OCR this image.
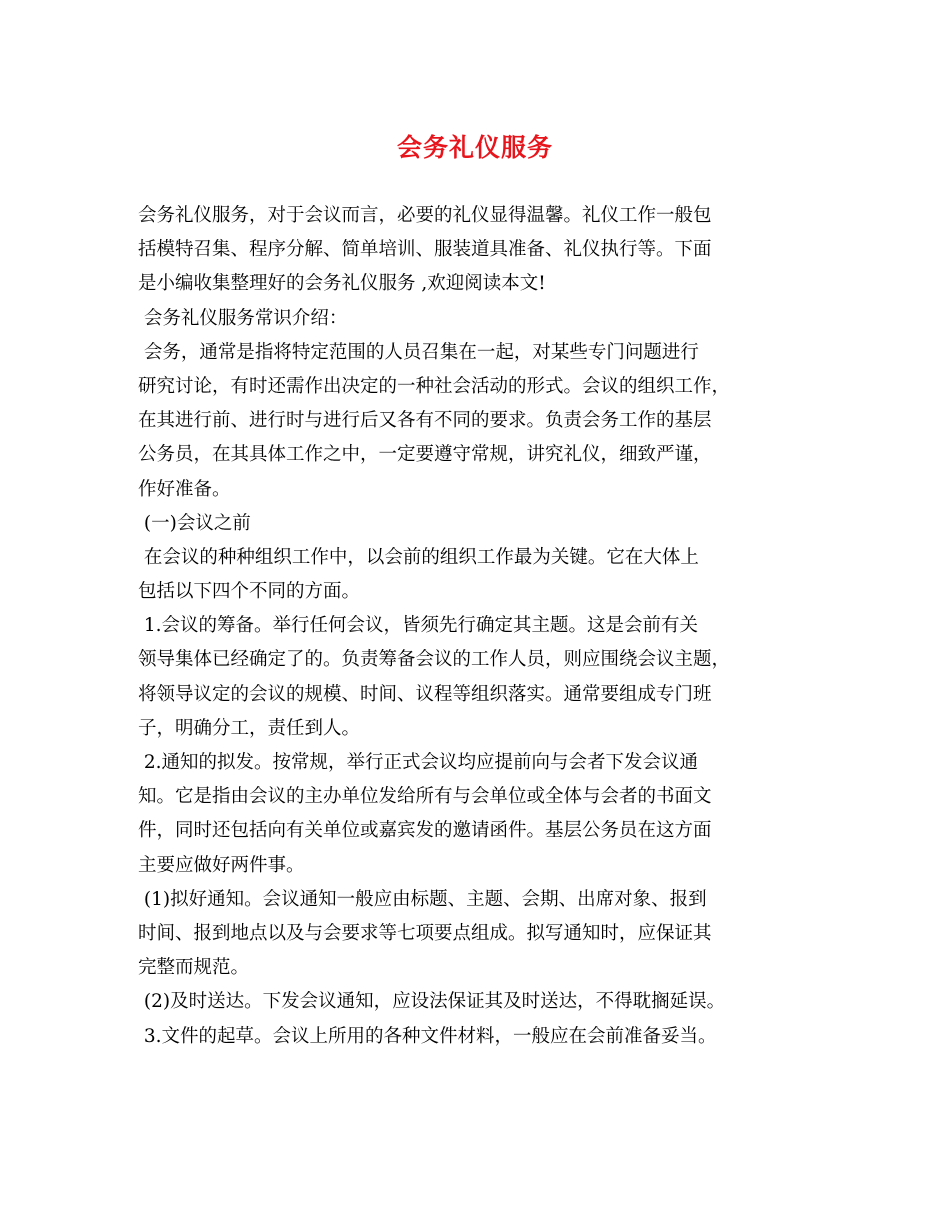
会务礼仪服务
会务礼仪服务，对于会议而言，必要的礼仪显得温馨。礼仪工作一般包
括模特召集、程序分解、简单培训、服装道具准备、礼仪执行等。下面
是小编收集整理好的会务礼仪服务 ,欢迎阅读本文!
会务礼仪服务常识介绍：
会务，通常是指将特定范围的人员召集在一起，对某些专门问题进行
研究讨论，有时还需作出决定的一种社会活动的形式。会议的组织工作，
在其进行前、进行时与进行后又各有不同的要求。负责会务工作的基层
公务员，在其具体工作之中，一定要遵守常规，讲究礼仪，细致严谨，
作好准备。
(一)会议之前
在会议的种种组织工作中，以会前的组织工作最为关键。它在大体上
包括以下四个不同的方面。
1.会议的筹备。举行任何会议，皆须先行确定其主题。这是会前有关
领导集体已经确定了的。负责筹备会议的工作人员，则应围绕会议主题，
将领导议定的会议的规模、时间、议程等组织落实。通常要组成专门班
子，明确分工，责任到人。
2.通知的拟发。按常规，举行正式会议均应提前向与会者下发会议通
知。它是指由会议的主办单位发给所有与会单位或全体与会者的书面文
件，同时还包括向有关单位或嘉宾发的邀请函件。基层公务员在这方面
主要应做好两件事。
(1)拟好通知。会议通知一般应由标题、主题、会期、出席对象、报到
时间、报到地点以及与会要求等七项要点组成。拟写通知时，应保证其
完整而规范。
(2)及时送达。下发会议通知，应设法保证其及时送达，不得耽搁延误。
3.文件的起草。会议上所用的各种文件材料，一般应在会前准备妥当。
